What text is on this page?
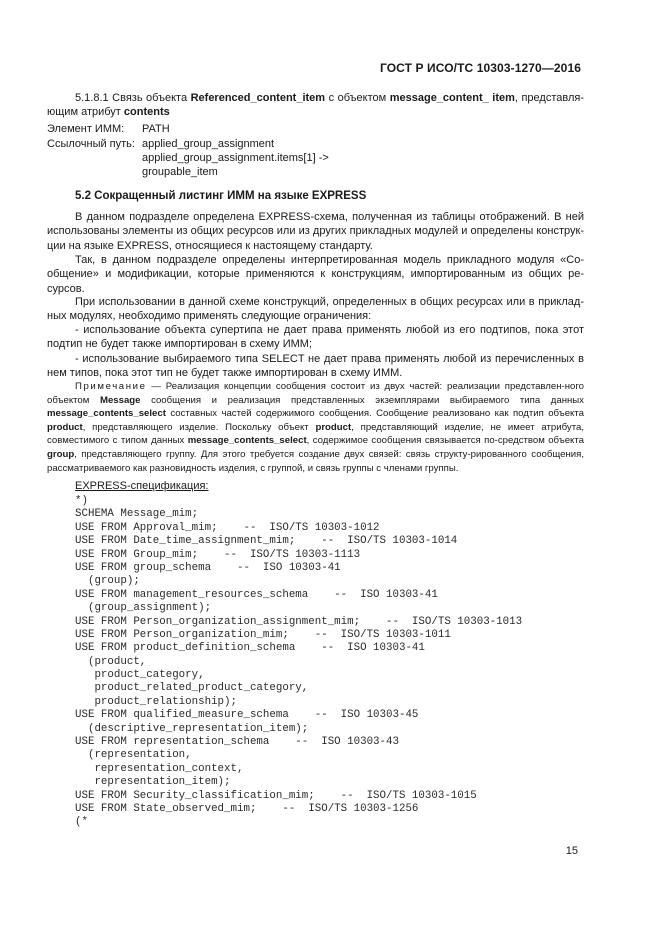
ГОСТ Р ИСО/ТС 10303-1270—2016
5.1.8.1 Связь объекта Referenced_content_item с объектом message_content_ item, представля-ющим атрибут contents
Элемент ИММ: PATH
Ссылочный путь: applied_group_assignment
applied_group_assignment.items[1] ->
groupable_item
5.2 Сокращенный листинг ИММ на языке EXPRESS
В данном подразделе определена EXPRESS-схема, полученная из таблицы отображений. В ней использованы элементы из общих ресурсов или из других прикладных модулей и определены конструк-ции на языке EXPRESS, относящиеся к настоящему стандарту.
Так, в данном подразделе определены интерпретированная модель прикладного модуля «Со-общение» и модификации, которые применяются к конструкциям, импортированным из общих ре-сурсов.
При использовании в данной схеме конструкций, определенных в общих ресурсах или в приклад-ных модулях, необходимо применять следующие ограничения:
- использование объекта супертипа не дает права применять любой из его подтипов, пока этот подтип не будет также импортирован в схему ИММ;
- использование выбираемого типа SELECT не дает права применять любой из перечисленных в нем типов, пока этот тип не будет также импортирован в схему ИММ.
Примечание — Реализация концепции сообщения состоит из двух частей: реализации представлен-ного объектом Message сообщения и реализация представленных экземплярами выбираемого типа данных message_contents_select составных частей содержимого сообщения. Сообщение реализовано как подтип объекта product, представляющего изделие. Поскольку объект product, представляющий изделие, не имеет атрибута, совместимого с типом данных message_contents_select, содержимое сообщения связывается по-средством объекта group, представляющего группу. Для этого требуется создание двух связей: связь структу-рированного сообщения, рассматриваемого как разновидность изделия, с группой, и связь группы с членами группы.
EXPRESS-спецификация:
*)
SCHEMA Message_mim;
USE FROM Approval_mim;    --  ISO/TS 10303-1012
USE FROM Date_time_assignment_mim;    --  ISO/TS 10303-1014
USE FROM Group_mim;    --  ISO/TS 10303-1113
USE FROM group_schema    --  ISO 10303-41
(group);
USE FROM management_resources_schema    --  ISO 10303-41
(group_assignment);
USE FROM Person_organization_assignment_mim;    --  ISO/TS 10303-1013
USE FROM Person_organization_mim;    --  ISO/TS 10303-1011
USE FROM product_definition_schema    --  ISO 10303-41
(product,
product_category,
product_related_product_category,
product_relationship);
USE FROM qualified_measure_schema    --  ISO 10303-45
(descriptive_representation_item);
USE FROM representation_schema    --  ISO 10303-43
(representation,
representation_context,
representation_item);
USE FROM Security_classification_mim;    --  ISO/TS 10303-1015
USE FROM State_observed_mim;    --  ISO/TS 10303-1256
(*
15
